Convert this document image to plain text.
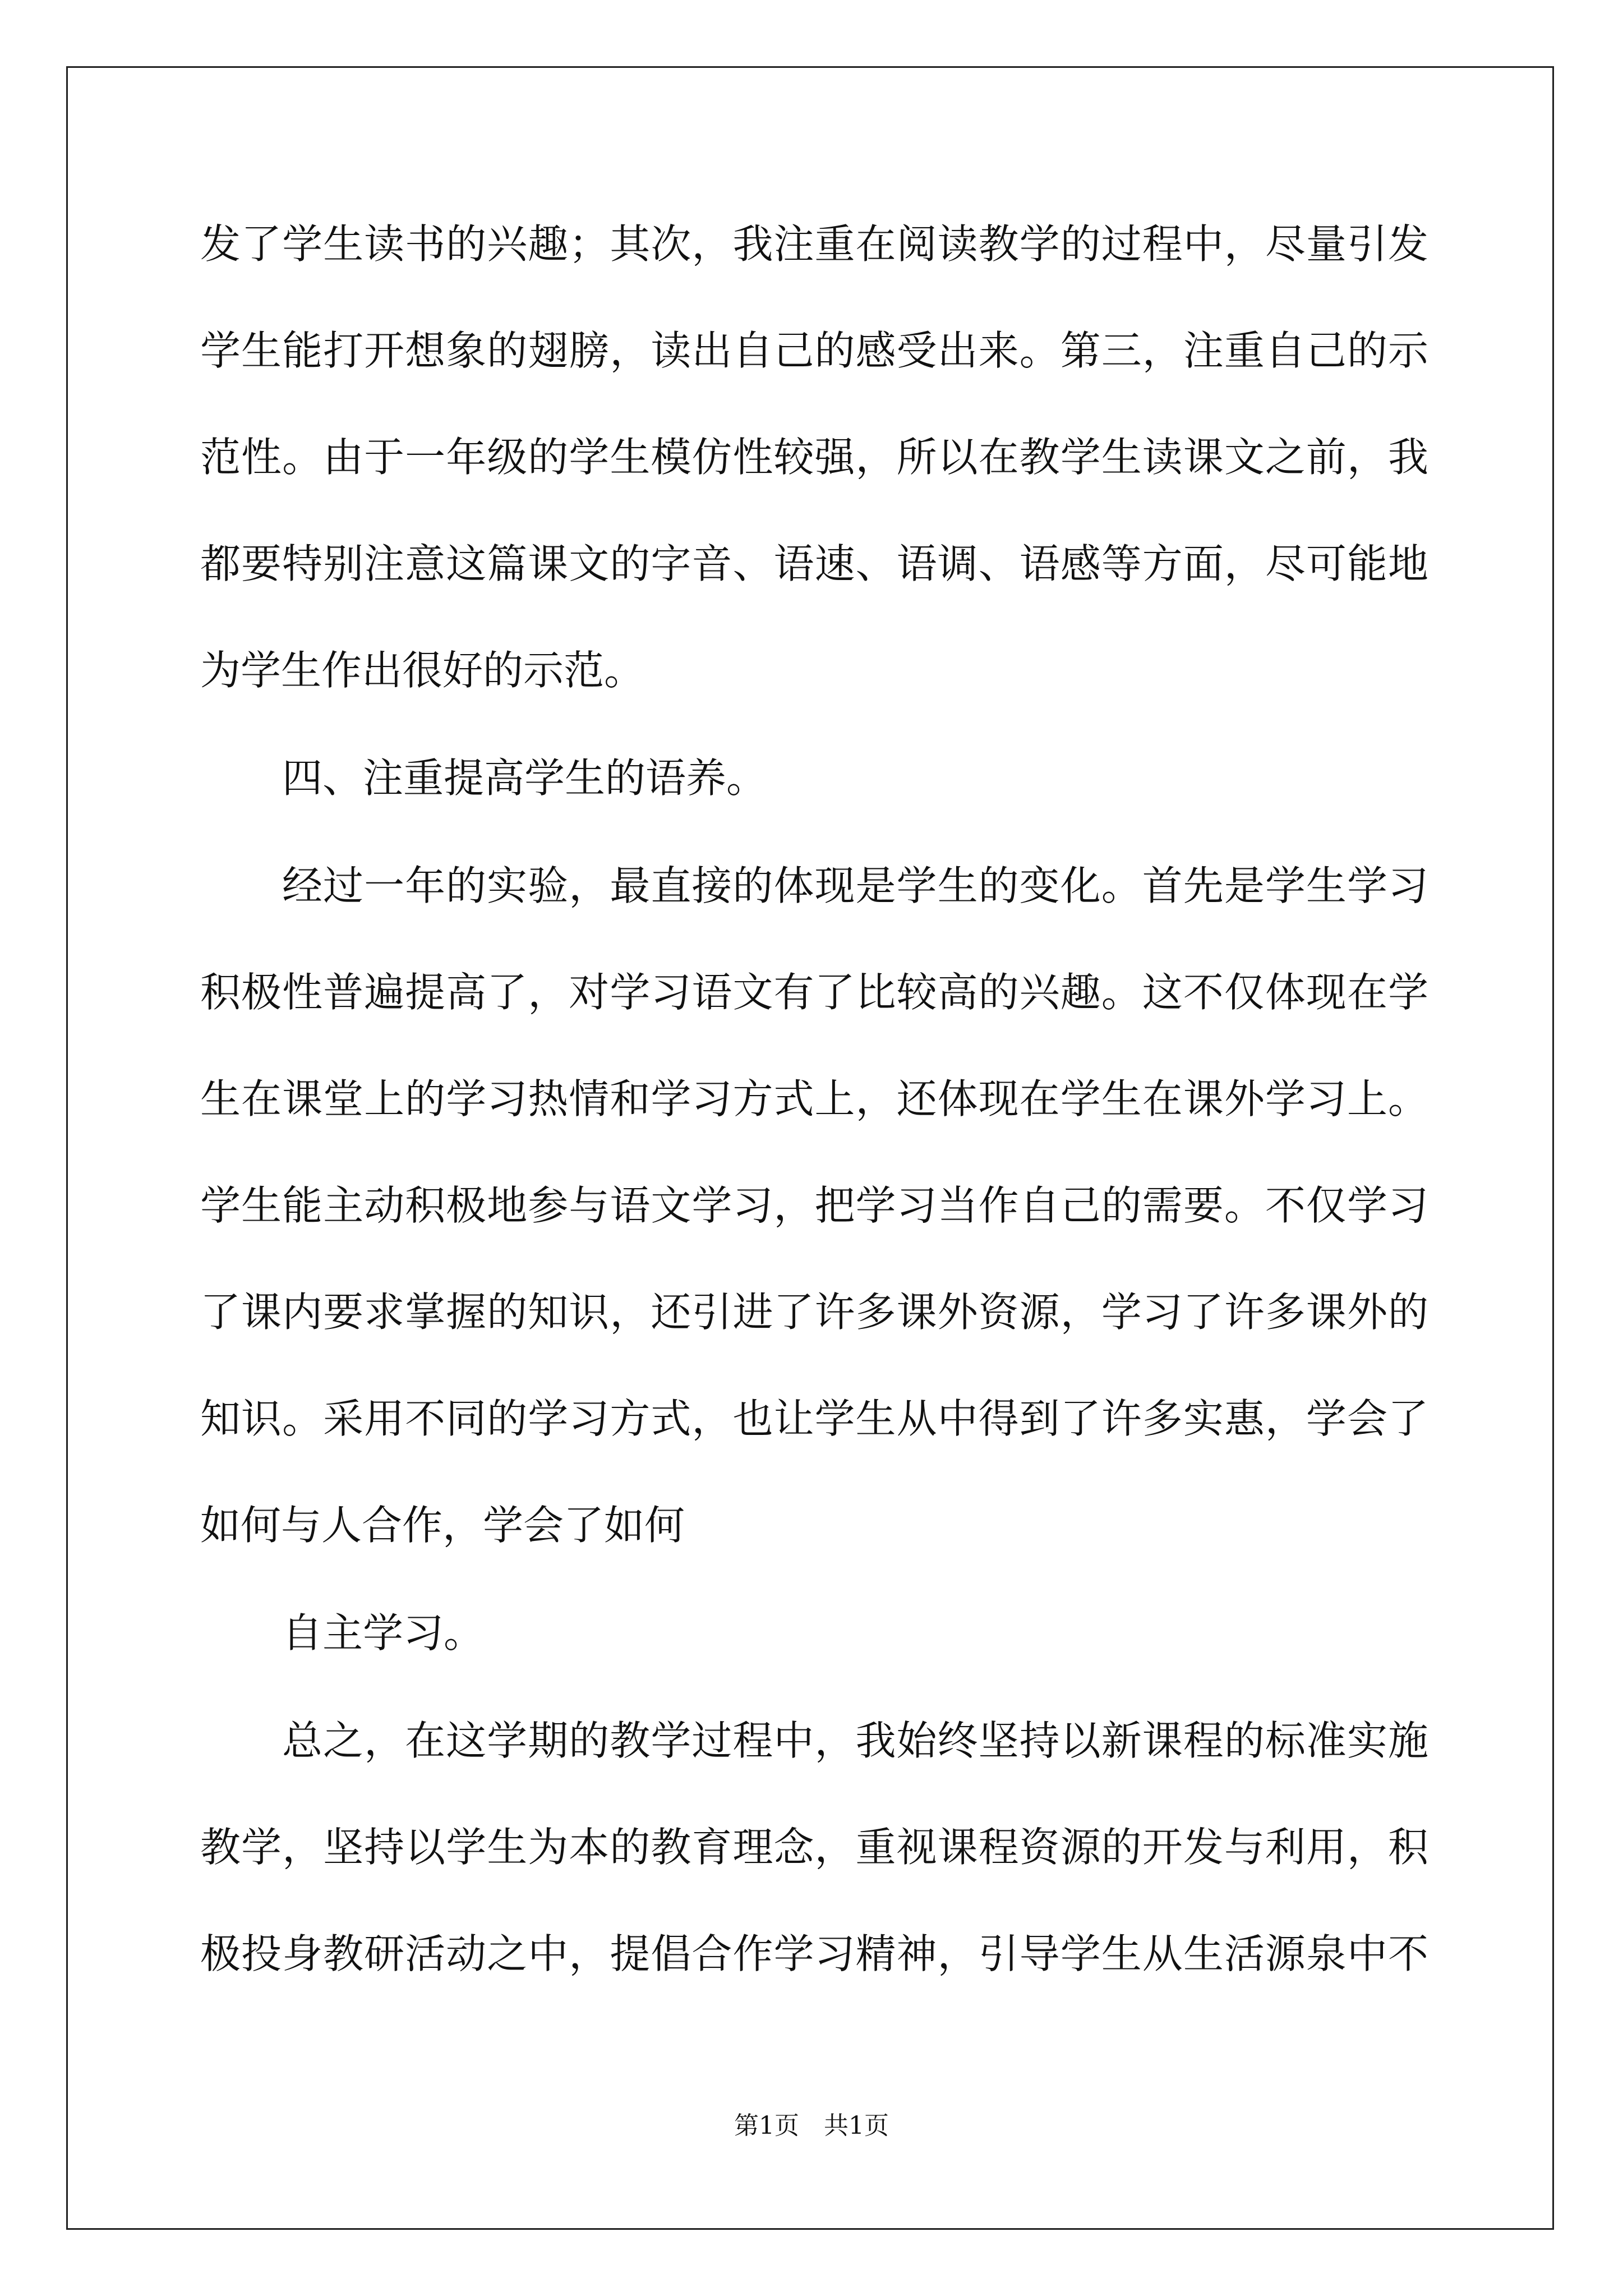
发了学生读书的兴趣；其次，我注重在阅读教学的过程中，尽量引发
学生能打开想象的翅膀，读出自己的感受出来。第三，注重自己的示
范性。由于一年级的学生模仿性较强，所以在教学生读课文之前，我
都要特别注意这篇课文的字音、语速、语调、语感等方面，尽可能地
为学生作出很好的示范。
四、注重提高学生的语养。
经过一年的实验，最直接的体现是学生的变化。首先是学生学习
积极性普遍提高了，对学习语文有了比较高的兴趣。这不仅体现在学
生在课堂上的学习热情和学习方式上，还体现在学生在课外学习上。
学生能主动积极地参与语文学习，把学习当作自己的需要。不仅学习
了课内要求掌握的知识，还引进了许多课外资源，学习了许多课外的
知识。采用不同的学习方式，也让学生从中得到了许多实惠，学会了
如何与人合作，学会了如何
自主学习。
总之，在这学期的教学过程中，我始终坚持以新课程的标准实施
教学，坚持以学生为本的教育理念，重视课程资源的开发与利用，积
极投身教研活动之中，提倡合作学习精神，引导学生从生活源泉中不
第1页　共1页
